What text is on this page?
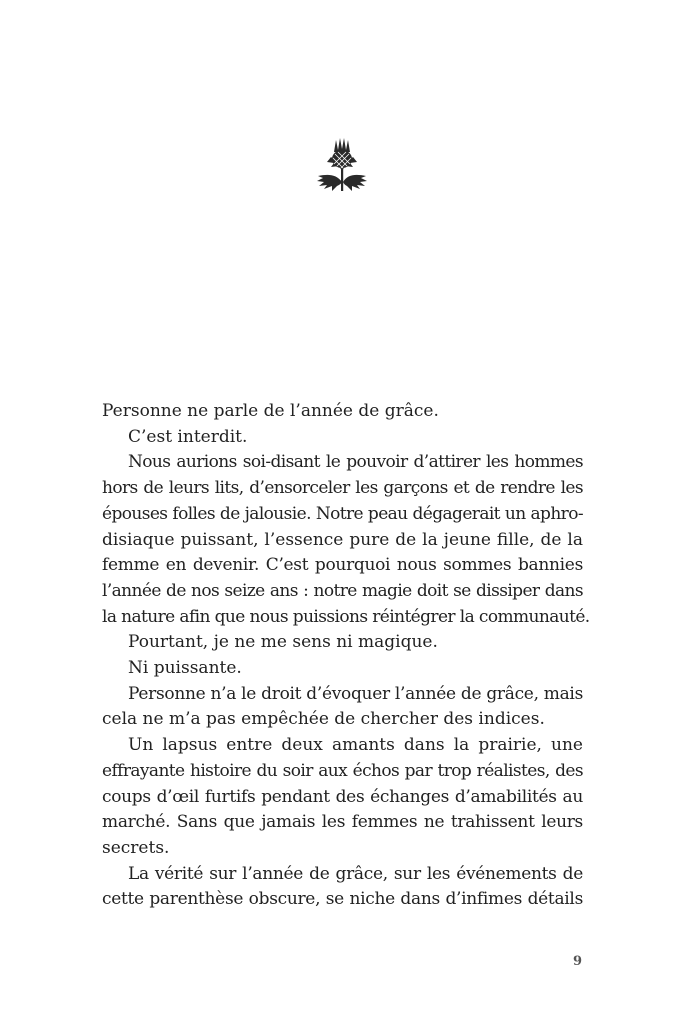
Personne ne parle de l’année de grâce.
C’est interdit.
Nous aurions soi-disant le pouvoir d’attirer les hommes
hors de leurs lits, d’ensorceler les garçons et de rendre les
épouses folles de jalousie. Notre peau dégagerait un aphro-
disiaque puissant, l’essence pure de la jeune fille, de la
femme en devenir. C’est pourquoi nous sommes bannies
l’année de nos seize ans : notre magie doit se dissiper dans
la nature afin que nous puissions réintégrer la communauté.
Pourtant, je ne me sens ni magique.
Ni puissante.
Personne n’a le droit d’évoquer l’année de grâce, mais
cela ne m’a pas empêchée de chercher des indices.
Un lapsus entre deux amants dans la prairie, une
effrayante histoire du soir aux échos par trop réalistes, des
coups d’œil furtifs pendant des échanges d’amabilités au
marché. Sans que jamais les femmes ne trahissent leurs
secrets.
La vérité sur l’année de grâce, sur les événements de
cette parenthèse obscure, se niche dans d’infimes détails
9
